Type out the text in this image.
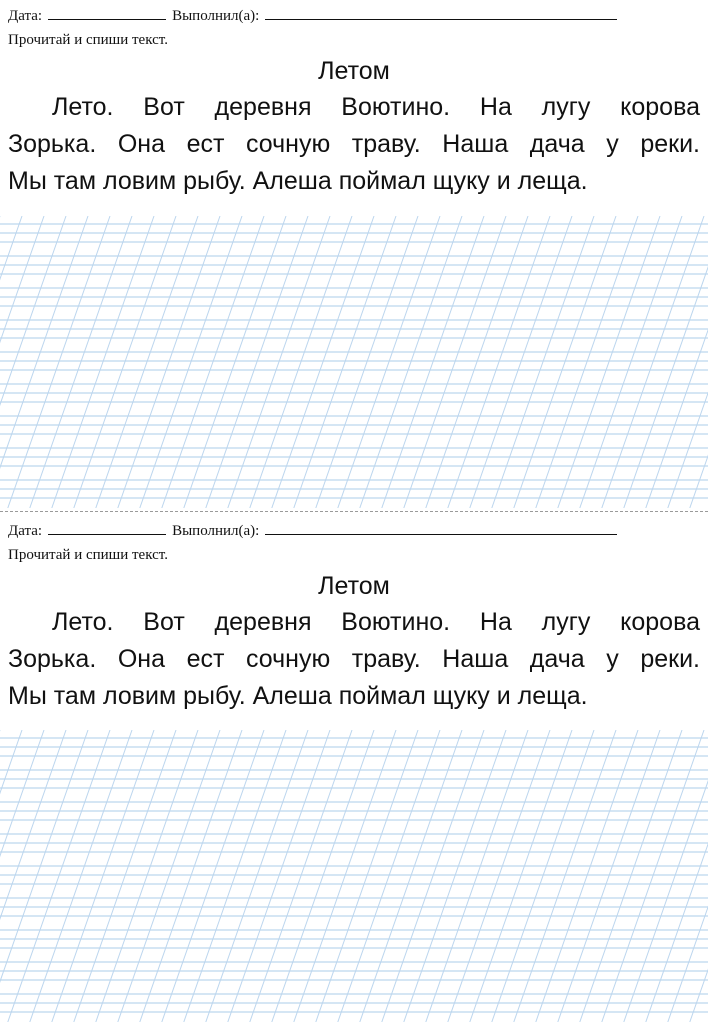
Дата:	Выполнил(а):
Прочитай и спиши текст.
Летом
Лето. Вот деревня Воютино. На лугу корова
Зорька. Она ест сочную траву. Наша дача у реки.
Мы там ловим рыбу. Алеша поймал щуку и леща.
Дата:	Выполнил(а):
Прочитай и спиши текст.
Летом
Лето. Вот деревня Воютино. На лугу корова
Зорька. Она ест сочную траву. Наша дача у реки.
Мы там ловим рыбу. Алеша поймал щуку и леща.
